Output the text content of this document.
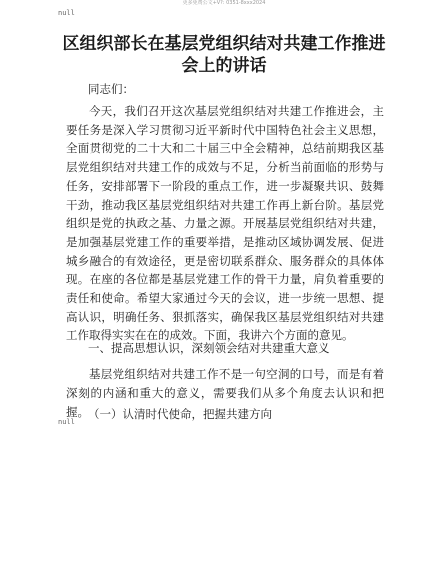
更多免费公文+V?: 0351-8xxx2024
null
区组织部长在基层党组织结对共建工作推进会上的讲话
同志们：

今天，我们召开这次基层党组织结对共建工作推进会，主要任务是深入学习贯彻习近平新时代中国特色社会主义思想，全面贯彻党的二十大和二十届三中全会精神，总结前期我区基层党组织结对共建工作的成效与不足，分析当前面临的形势与任务，安排部署下一阶段的重点工作，进一步凝聚共识、鼓舞干劲，推动我区基层党组织结对共建工作再上新台阶。基层党组织是党的执政之基、力量之源。开展基层党组织结对共建，是加强基层党建工作的重要举措，是推动区域协调发展、促进城乡融合的有效途径，更是密切联系群众、服务群众的具体体现。在座的各位都是基层党建工作的骨干力量，肩负着重要的责任和使命。希望大家通过今天的会议，进一步统一思想、提高认识，明确任务、狠抓落实，确保我区基层党组织结对共建工作取得实实在在的成效。下面，我讲六个方面的意见。

一、提高思想认识，深刻领会结对共建重大意义

基层党组织结对共建工作不是一句空洞的口号，而是有着深刻的内涵和重大的意义，需要我们从多个角度去认识和把握。 （一）认清时代使命，把握共建方向
null
